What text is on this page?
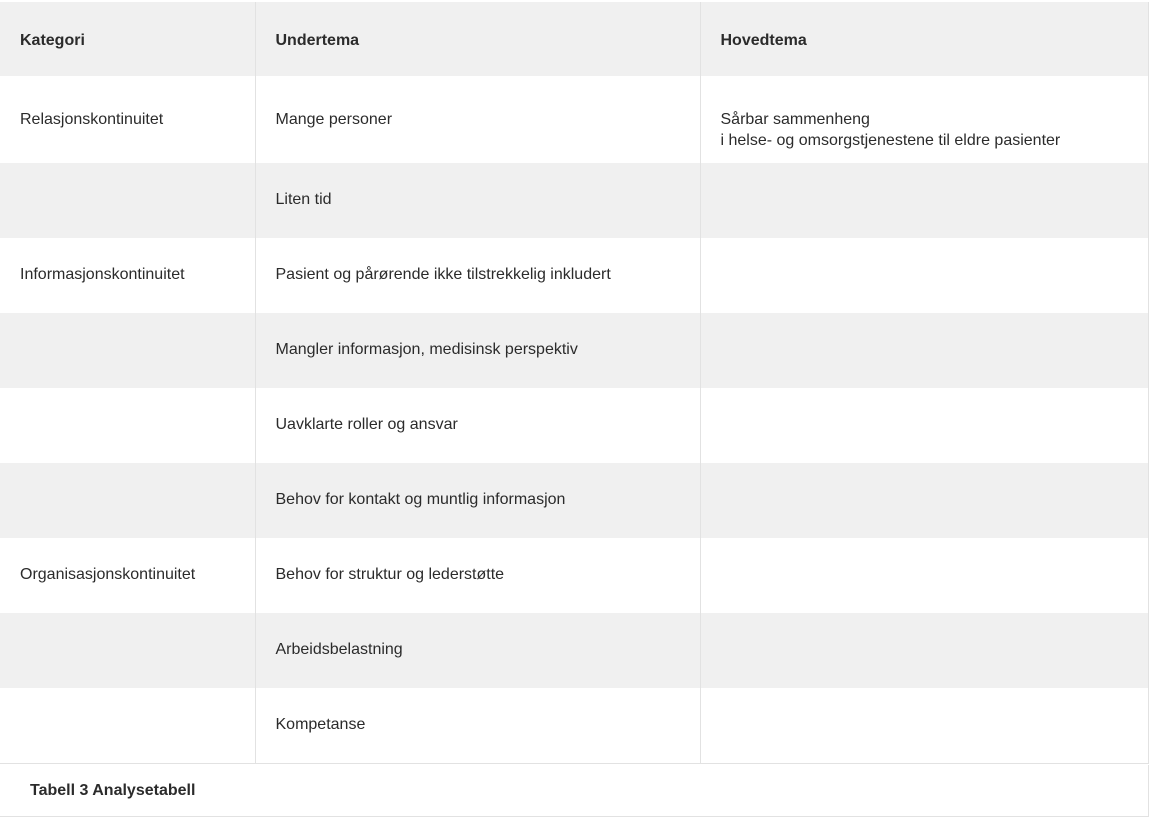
Kategori	Undertema	Hovedtema
Relasjonskontinuitet	Mange personer	Sårbar sammenheng
i helse- og omsorgstjenestene til eldre pasienter

	Liten tid	
Informasjonskontinuitet	Pasient og pårørende ikke tilstrekkelig inkludert	
	Mangler informasjon, medisinsk perspektiv	
	Uavklarte roller og ansvar	
	Behov for kontakt og muntlig informasjon	
Organisasjonskontinuitet	Behov for struktur og lederstøtte	
	Arbeidsbelastning	
	Kompetanse	
Tabell 3 Analysetabell
